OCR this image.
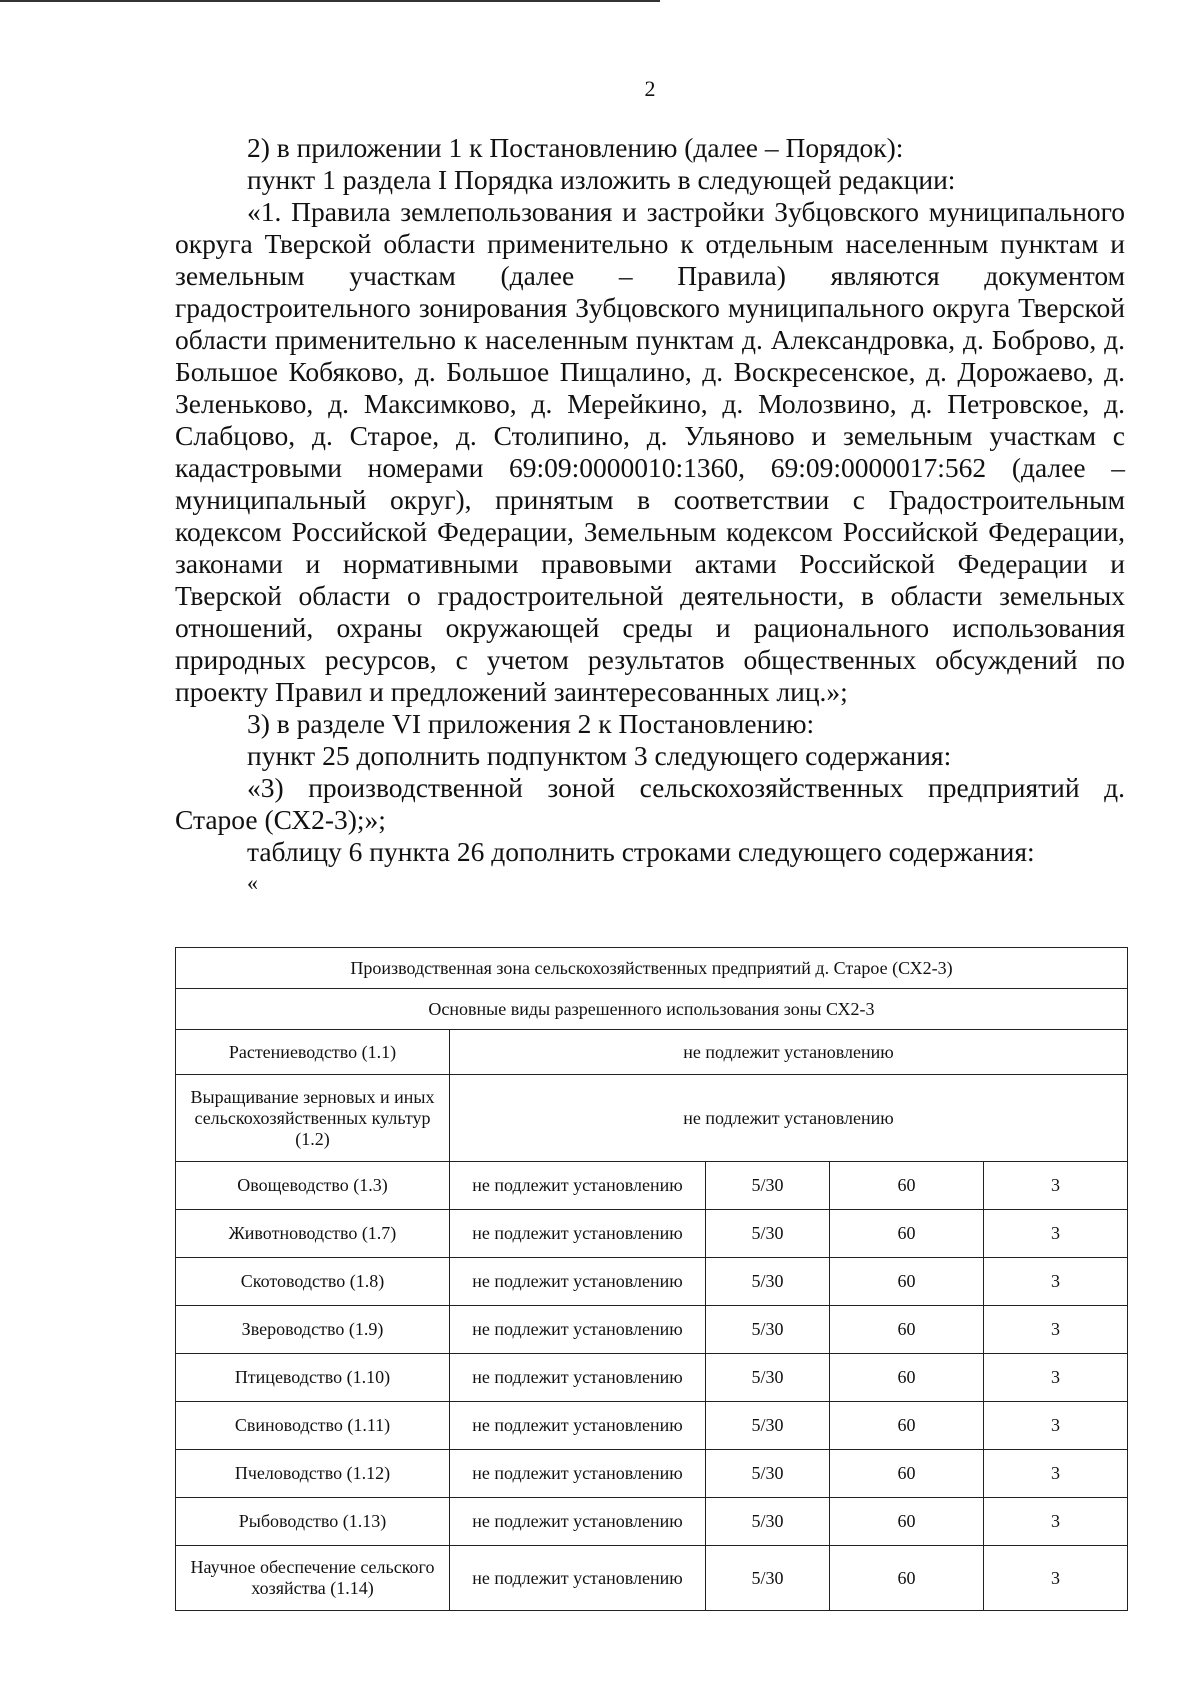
2

2) в приложении 1 к Постановлению (далее – Порядок):

пункт 1 раздела I Порядка изложить в следующей редакции:

«1. Правила землепользования и застройки Зубцовского муниципального округа Тверской области применительно к отдельным населенным пунктам и земельным участкам (далее – Правила) являются документом градостроительного зонирования Зубцовского муниципального округа Тверской области применительно к населенным пунктам д. Александровка, д. Боброво, д. Большое Кобяково, д. Большое Пищалино, д. Воскресенское, д. Дорожаево, д. Зеленьково, д. Максимково, д. Мерейкино, д. Молозвино, д. Петровское, д. Слабцово, д. Старое, д. Столипино, д. Ульяново и земельным участкам с кадастровыми номерами 69:09:0000010:1360, 69:09:0000017:562 (далее – муниципальный округ), принятым в соответствии с Градостроительным кодексом Российской Федерации, Земельным кодексом Российской Федерации, законами и нормативными правовыми актами Российской Федерации и Тверской области о градостроительной деятельности, в области земельных отношений, охраны окружающей среды и рационального использования природных ресурсов, с учетом результатов общественных обсуждений по проекту Правил и предложений заинтересованных лиц.»;

3) в разделе VI приложения 2 к Постановлению:

пункт 25 дополнить подпунктом 3 следующего содержания:

«3) производственной зоной сельскохозяйственных предприятий д. Старое (СХ2-3);»;

таблицу 6 пункта 26 дополнить строками следующего содержания:

«

Производственная зона сельскохозяйственных предприятий д. Старое (СХ2-3)				
Основные виды разрешенного использования зоны СХ2-3				
Растениеводство (1.1)	не подлежит установлению			
Выращивание зерновых и иных сельскохозяйственных культур (1.2)	не подлежит установлению			
Овощеводство (1.3)	не подлежит установлению	5/30	60	3
Животноводство (1.7)	не подлежит установлению	5/30	60	3
Скотоводство (1.8)	не подлежит установлению	5/30	60	3
Звероводство (1.9)	не подлежит установлению	5/30	60	3
Птицеводство (1.10)	не подлежит установлению	5/30	60	3
Свиноводство (1.11)	не подлежит установлению	5/30	60	3
Пчеловодство (1.12)	не подлежит установлению	5/30	60	3
Рыбоводство (1.13)	не подлежит установлению	5/30	60	3
Научное обеспечение сельского хозяйства (1.14)	не подлежит установлению	5/30	60	3
